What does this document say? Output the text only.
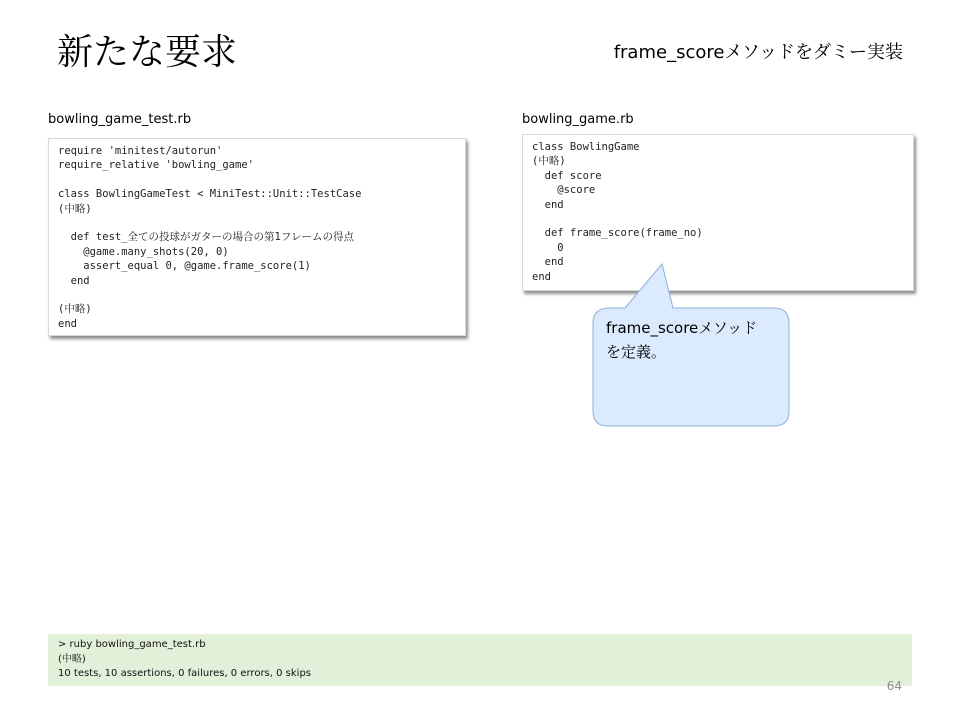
新たな要求	frame_scoreメソッドをダミー実装
bowling_game_test.rb
require 'minitest/autorun'
require_relative 'bowling_game'
class BowlingGameTest < MiniTest::Unit::TestCase
(中略)
def test_全ての投球がガターの場合の第1フレームの得点
@game.many_shots(20, 0)
assert_equal 0, @game.frame_score(1)
end
(中略)
end
bowling_game.rb
class BowlingGame
(中略)
def score
@score
end
def frame_score(frame_no)
0
end
end
frame_scoreメソッド
を定義。
> ruby bowling_game_test.rb
(中略)
10 tests, 10 assertions, 0 failures, 0 errors, 0 skips
64
